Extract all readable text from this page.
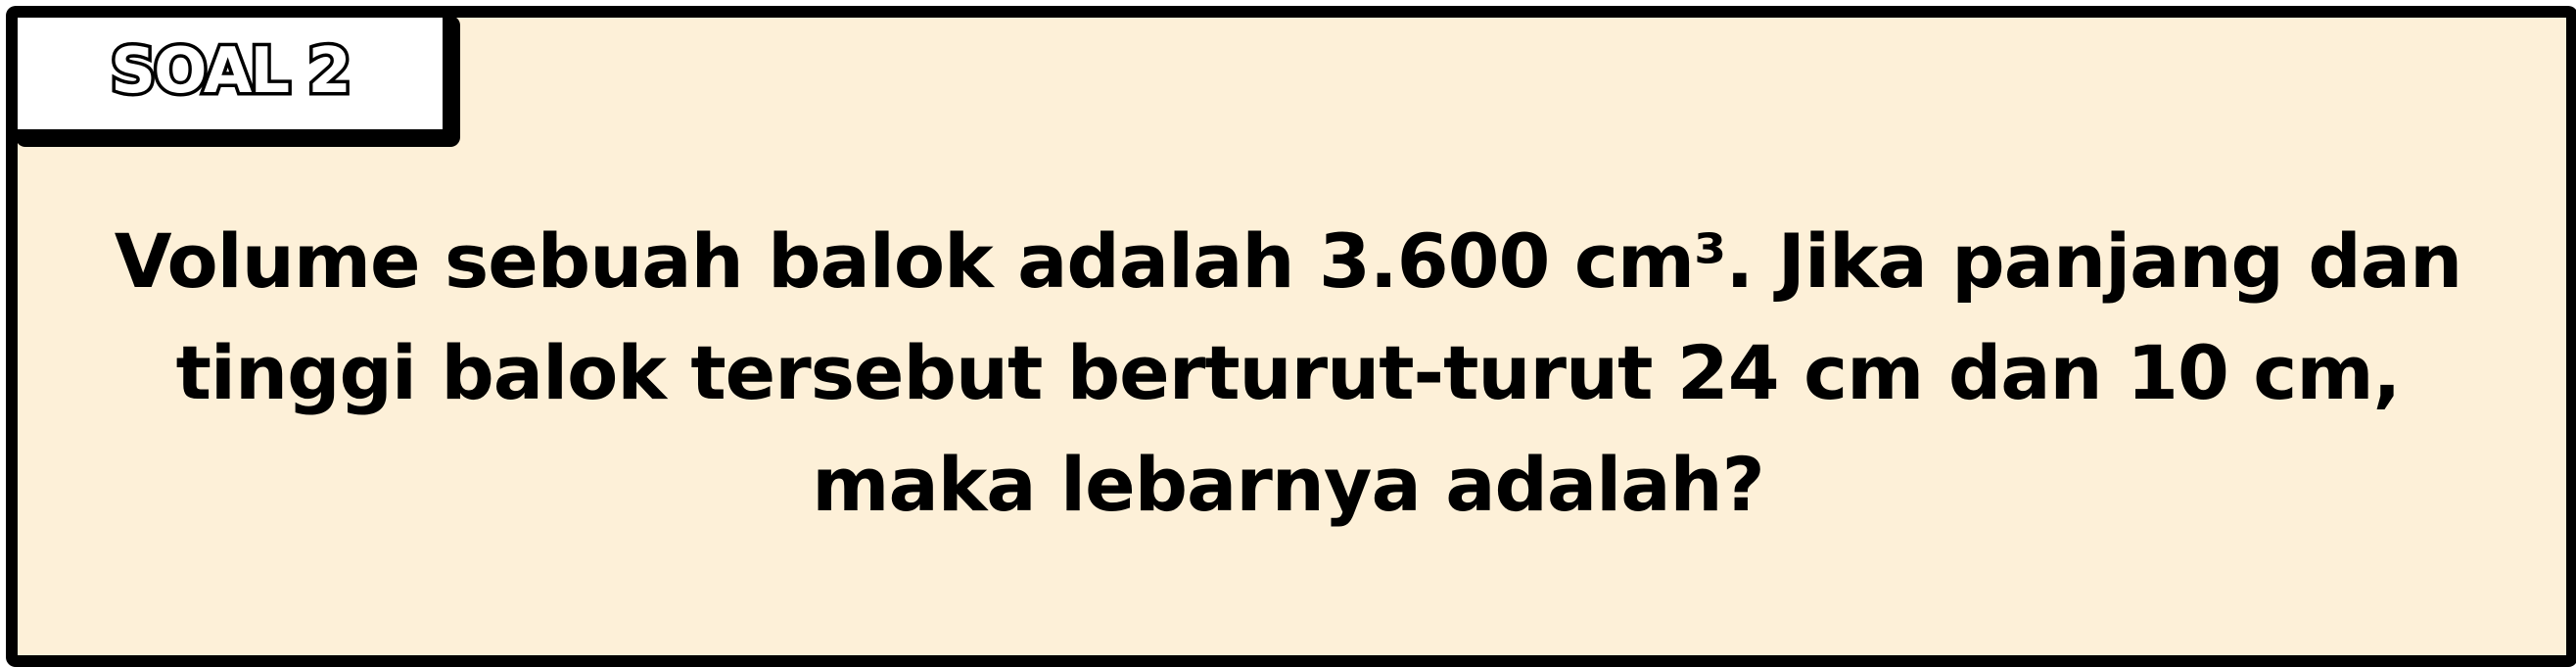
SOAL 2
Volume sebuah balok adalah 3.600 cm³. Jika panjang dan
tinggi balok tersebut berturut-turut 24 cm dan 10 cm,
maka lebarnya adalah?
